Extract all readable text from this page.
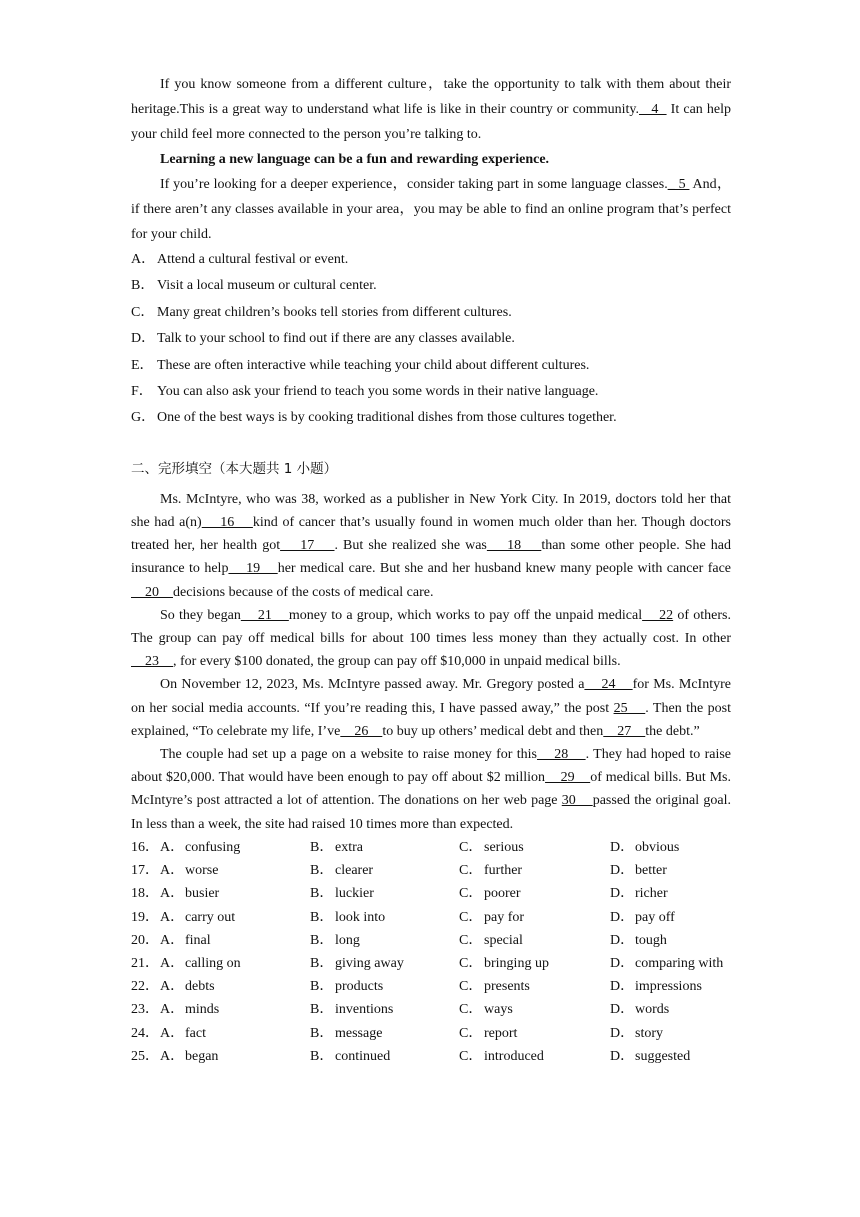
If you know someone from a different culture，take the opportunity to talk with them about their heritage.This is a great way to understand what life is like in their country or community.   4   It can help your child feel more connected to the person you’re talking to.

Learning a new language can be a fun and rewarding experience.

If you’re looking for a deeper experience，consider taking part in some language classes._ 5  And，if there aren’t any classes available in your area，you may be able to find an online program that’s perfect for your child.

A． Attend a cultural festival or event.
B． Visit a local museum or cultural center.
C． Many great children’s books tell stories from different cultures.
D． Talk to your school to find out if there are any classes available.
E． These are often interactive while teaching your child about different cultures.
F． You can also ask your friend to teach you some words in their native language.
G． One of the best ways is by cooking traditional dishes from those cultures together.

二、完形填空（本大题共 1 小题）

Ms. McIntyre, who was 38, worked as a publisher in New York City. In 2019, doctors told her that she had a(n)    16    kind of cancer that’s usually found in women much older than her. Though doctors treated her, her health got    17    . But she realized she was    18    than some other people. She had insurance to help    19    her medical care. But she and her husband knew many people with cancer face    20    decisions because of the costs of medical care.

So they began    21    money to a group, which works to pay off the unpaid medical    22 of others. The group can pay off medical bills for about 100 times less money than they actually cost. In other    23    , for every $100 donated, the group can pay off $10,000 in unpaid medical bills.

On November 12, 2023, Ms. McIntyre passed away. Mr. Gregory posted a    24    for Ms. McIntyre on her social media accounts. “If you’re reading this, I have passed away,” the post 25    . Then the post explained, “To celebrate my life, I’ve    26    to buy up others’ medical debt and then    27    the debt.”

The couple had set up a page on a website to raise money for this    28    . They had hoped to raise about $20,000. That would have been enough to pay off about $2 million    29    of medical bills. But Ms. McIntyre’s post attracted a lot of attention. The donations on her web page 30    passed the original goal. In less than a week, the site had raised 10 times more than expected.

16．	A．confusing	B． extra	C． serious	D．obvious
17．	A．worse	B． clearer	C． further	D．better
18．	A．busier	B． luckier	C． poorer	D．richer
19．	A．carry out	B． look into	C． pay for	D．pay off
20．	A．final	B． long	C． special	D．tough
21．	A．calling on	B． giving away	C． bringing up	D．comparing with
22．	A．debts	B． products	C． presents	D．impressions
23．	A．minds	B． inventions	C． ways	D．words
24．	A．fact	B． message	C． report	D．story
25．	A．began	B． continued	C． introduced	D．suggested
